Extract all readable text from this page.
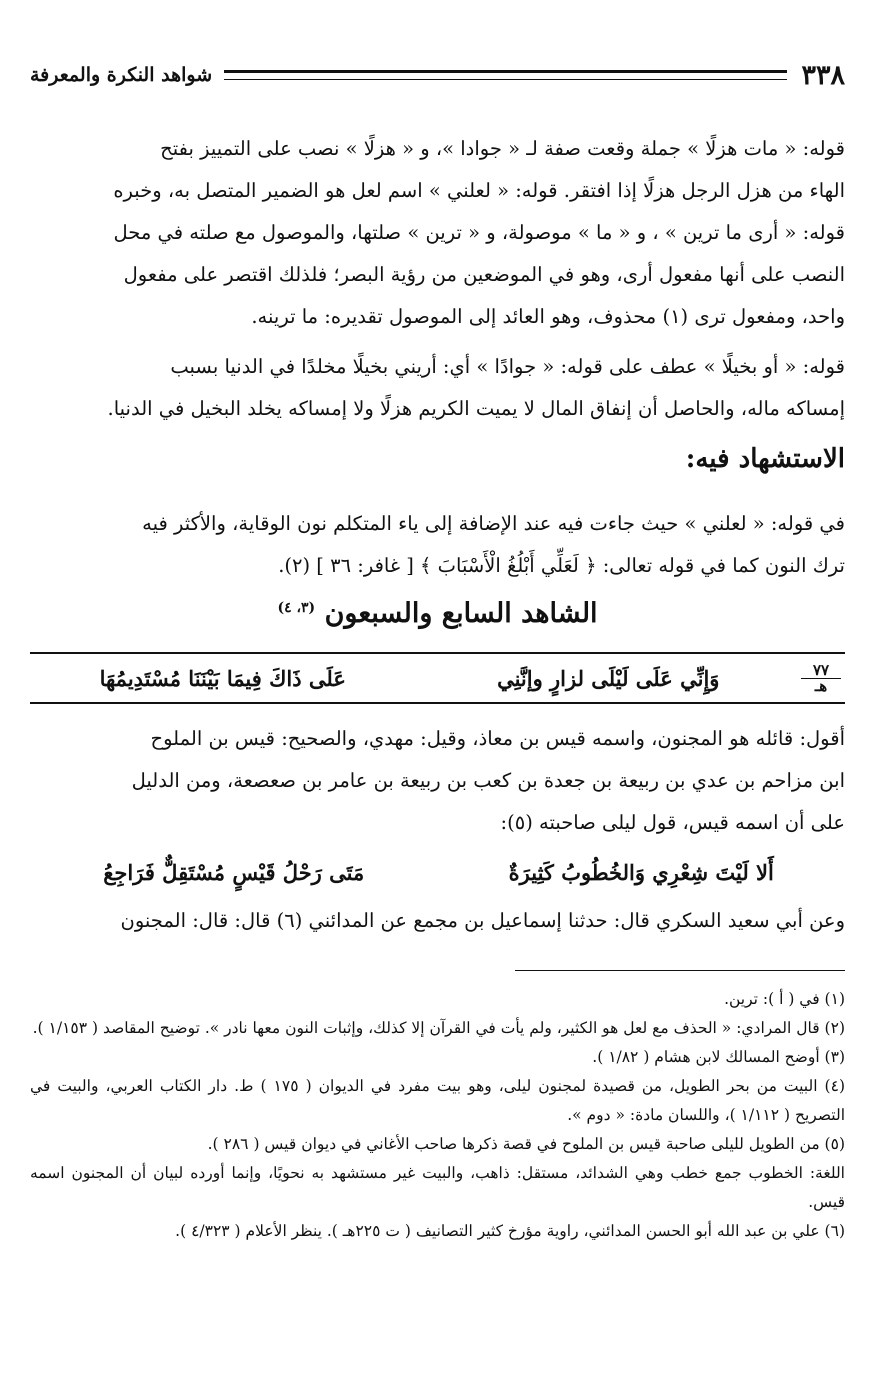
٣٣٨
شواهد النكرة والمعرفة

قوله: « مات هزلًا » جملة وقعت صفة لـ « جوادا »، و « هزلًا » نصب على التمييز بفتح

الهاء من هزل الرجل هزلًا إذا افتقر. قوله: « لعلني » اسم لعل هو الضمير المتصل به، وخبره

قوله: « أرى ما ترين » ، و « ما » موصولة، و « ترين » صلتها، والموصول مع صلته في محل

النصب على أنها مفعول أرى، وهو في الموضعين من رؤية البصر؛ فلذلك اقتصر على مفعول

واحد، ومفعول ترى (١) محذوف، وهو العائد إلى الموصول تقديره: ما ترينه.

قوله: « أو بخيلًا » عطف على قوله: « جوادًا » أي: أريني بخيلًا مخلدًا في الدنيا بسبب

إمساكه ماله، والحاصل أن إنفاق المال لا يميت الكريم هزلًا ولا إمساكه يخلد البخيل في الدنيا.

الاستشهاد فيه:

في قوله: « لعلني » حيث جاءت فيه عند الإضافة إلى ياء المتكلم نون الوقاية، والأكثر فيه

ترك النون كما في قوله تعالى: ﴿ لَعَلِّي أَبْلُغُ الْأَسْبَابَ ﴾ [ غافر: ٣٦ ] (٢).

الشاهد السابع والسبعون $^{(٣، ٤)}$
٧٧
هـ
وَإِنِّي عَلَى لَيْلَى لزارٍ وإنَّنِي
عَلَى ذَاكَ فِيمَا بَيْنَنَا مُسْتَدِيمُهَا

أقول: قائله هو المجنون، واسمه قيس بن معاذ، وقيل: مهدي، والصحيح: قيس بن الملوح

ابن مزاحم بن عدي بن ربيعة بن جعدة بن كعب بن ربيعة بن عامر بن صعصعة، ومن الدليل

على أن اسمه قيس، قول ليلى صاحبته (٥):

أَلا لَيْتَ شِعْرِي وَالخُطُوبُ كَثِيرَةٌ
مَتَى رَحْلُ قَيْسٍ مُسْتَقِلٌّ فَرَاجِعُ

وعن أبي سعيد السكري قال: حدثنا إسماعيل بن مجمع عن المدائني (٦) قال: قال: المجنون

(١) في ( أ ): ترين.

(٢) قال المرادي: « الحذف مع لعل هو الكثير، ولم يأت في القرآن إلا كذلك، وإثبات النون معها نادر ». توضيح المقاصد ( ١/١٥٣ ).

(٣) أوضح المسالك لابن هشام ( ١/٨٢ ).

(٤) البيت من بحر الطويل، من قصيدة لمجنون ليلى، وهو بيت مفرد في الديوان ( ١٧٥ ) ط. دار الكتاب العربي، والبيت في التصريح ( ١/١١٢ )، واللسان مادة: « دوم ».

(٥) من الطويل لليلى صاحبة قيس بن الملوح في قصة ذكرها صاحب الأغاني في ديوان قيس ( ٢٨٦ ).

اللغة: الخطوب جمع خطب وهي الشدائد، مستقل: ذاهب، والبيت غير مستشهد به نحويًا، وإنما أورده لبيان أن المجنون اسمه قيس.

(٦) علي بن عبد الله أبو الحسن المدائني، راوية مؤرخ كثير التصانيف ( ت ٢٢٥هـ ). ينظر الأعلام ( ٤/٣٢٣ ).
